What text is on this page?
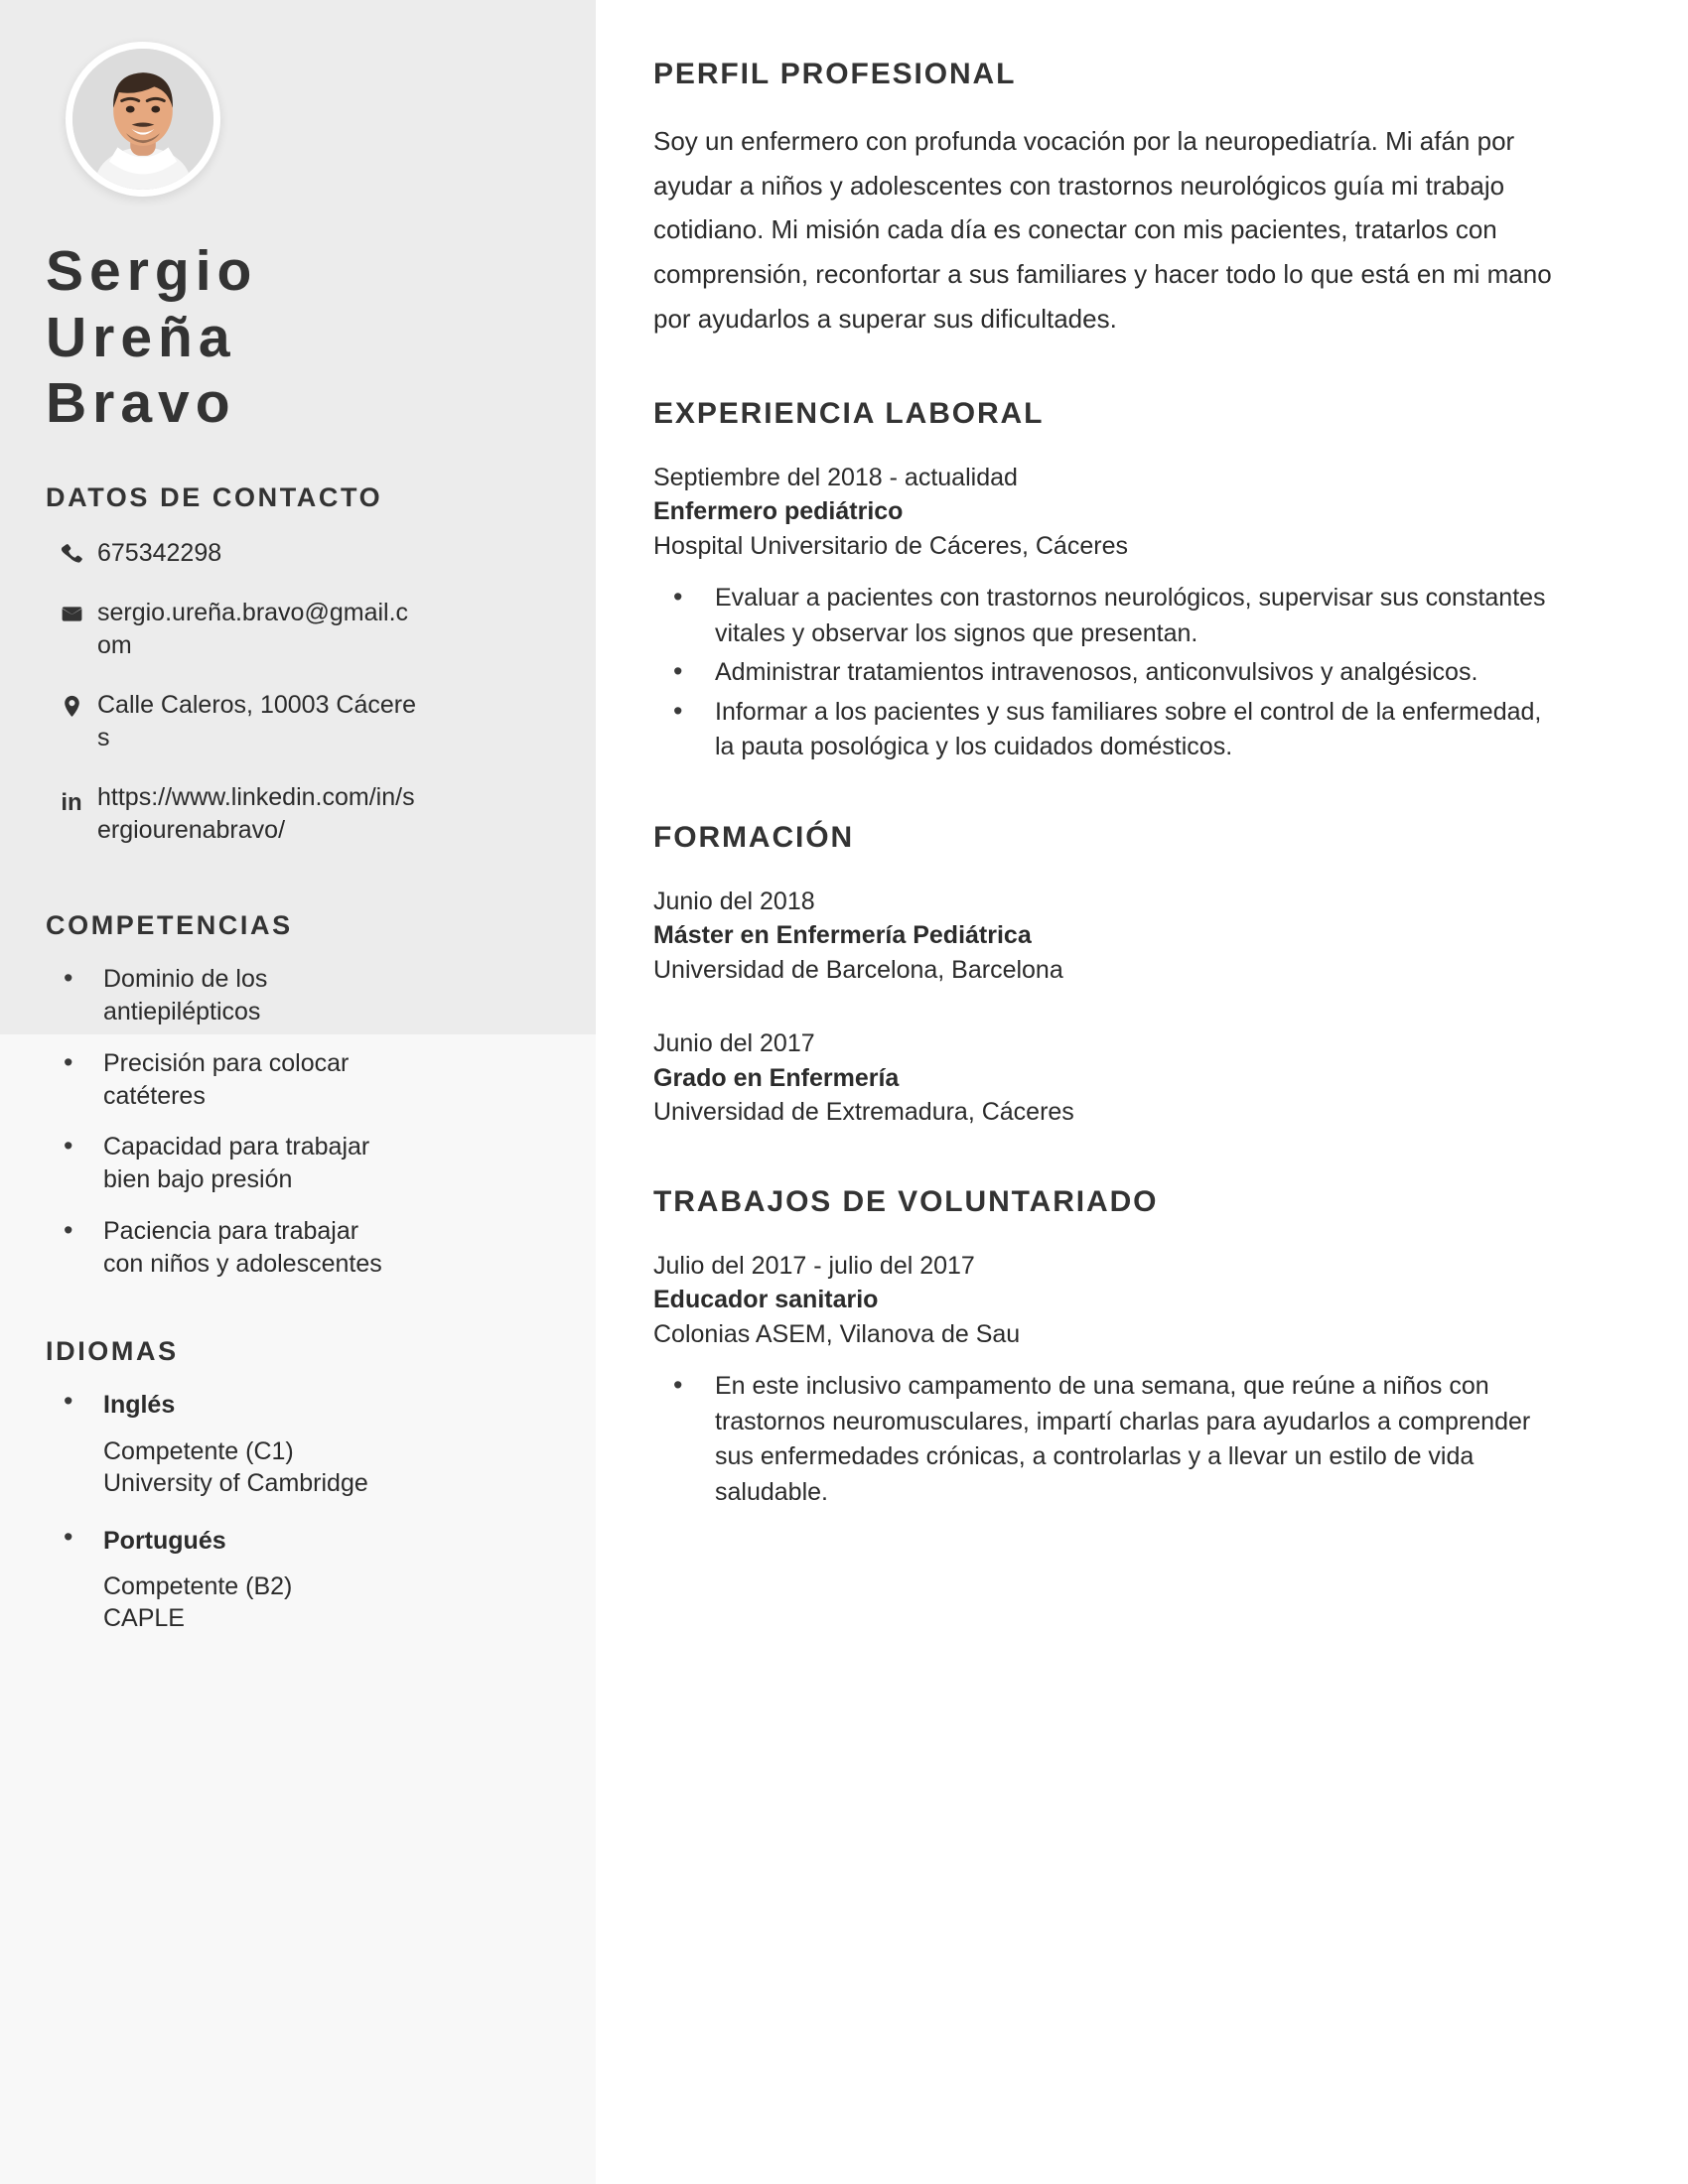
Sergio
Ureña
Bravo
DATOS DE CONTACTO
675342298
sergio.ureña.bravo@gmail.com
Calle Caleros, 10003 Cáceres
in https://www.linkedin.com/in/sergiourenabravo/
COMPETENCIAS
• Dominio de los antiepilépticos
• Precisión para colocar catéteres
• Capacidad para trabajar bien bajo presión
• Paciencia para trabajar con niños y adolescentes
IDIOMAS
• Inglés
Competente (C1)
University of Cambridge
• Portugués
Competente (B2)
CAPLE
PERFIL PROFESIONAL

Soy un enfermero con profunda vocación por la neuropediatría. Mi afán por ayudar a niños y adolescentes con trastornos neurológicos guía mi trabajo cotidiano. Mi misión cada día es conectar con mis pacientes, tratarlos con comprensión, reconfortar a sus familiares y hacer todo lo que está en mi mano por ayudarlos a superar sus dificultades.

EXPERIENCIA LABORAL
Septiembre del 2018 - actualidad
Enfermero pediátrico
Hospital Universitario de Cáceres, Cáceres
• Evaluar a pacientes con trastornos neurológicos, supervisar sus constantes vitales y observar los signos que presentan.
• Administrar tratamientos intravenosos, anticonvulsivos y analgésicos.
• Informar a los pacientes y sus familiares sobre el control de la enfermedad, la pauta posológica y los cuidados domésticos.
FORMACIÓN
Junio del 2018
Máster en Enfermería Pediátrica
Universidad de Barcelona, Barcelona
Junio del 2017
Grado en Enfermería
Universidad de Extremadura, Cáceres
TRABAJOS DE VOLUNTARIADO
Julio del 2017 - julio del 2017
Educador sanitario
Colonias ASEM, Vilanova de Sau
• En este inclusivo campamento de una semana, que reúne a niños con trastornos neuromusculares, impartí charlas para ayudarlos a comprender sus enfermedades crónicas, a controlarlas y a llevar un estilo de vida saludable.
